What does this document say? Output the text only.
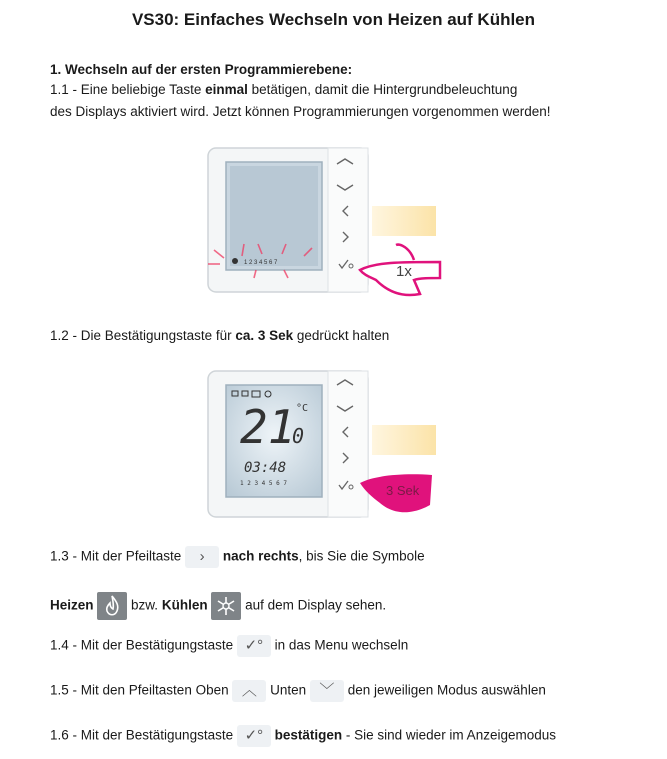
VS30: Einfaches Wechseln von Heizen auf Kühlen
1. Wechseln auf der ersten Programmierebene:
1.1 - Eine beliebige Taste einmal betätigen, damit die Hintergrundbeleuchtung
des Displays aktiviert wird. Jetzt können Programmierungen vorgenommen werden!
1 2 3 4 5 6 7	1x
1.2 - Die Bestätigungstaste für ca. 3 Sek gedrückt halten
21
0
°C
03:48
1 2 3 4 5 6 7	3 Sek
1.3 - Mit der Pfeiltaste › nach rechts, bis Sie die Symbole
Heizen	bzw. Kühlen	auf dem Display sehen.
1.4 - Mit der Bestätigungstaste ✓° in das Menu wechseln
1.5 - Mit den Pfeiltasten Oben ︿ Unten ﹀ den jeweiligen Modus auswählen
1.6 - Mit der Bestätigungstaste ✓° bestätigen - Sie sind wieder im Anzeigemodus
